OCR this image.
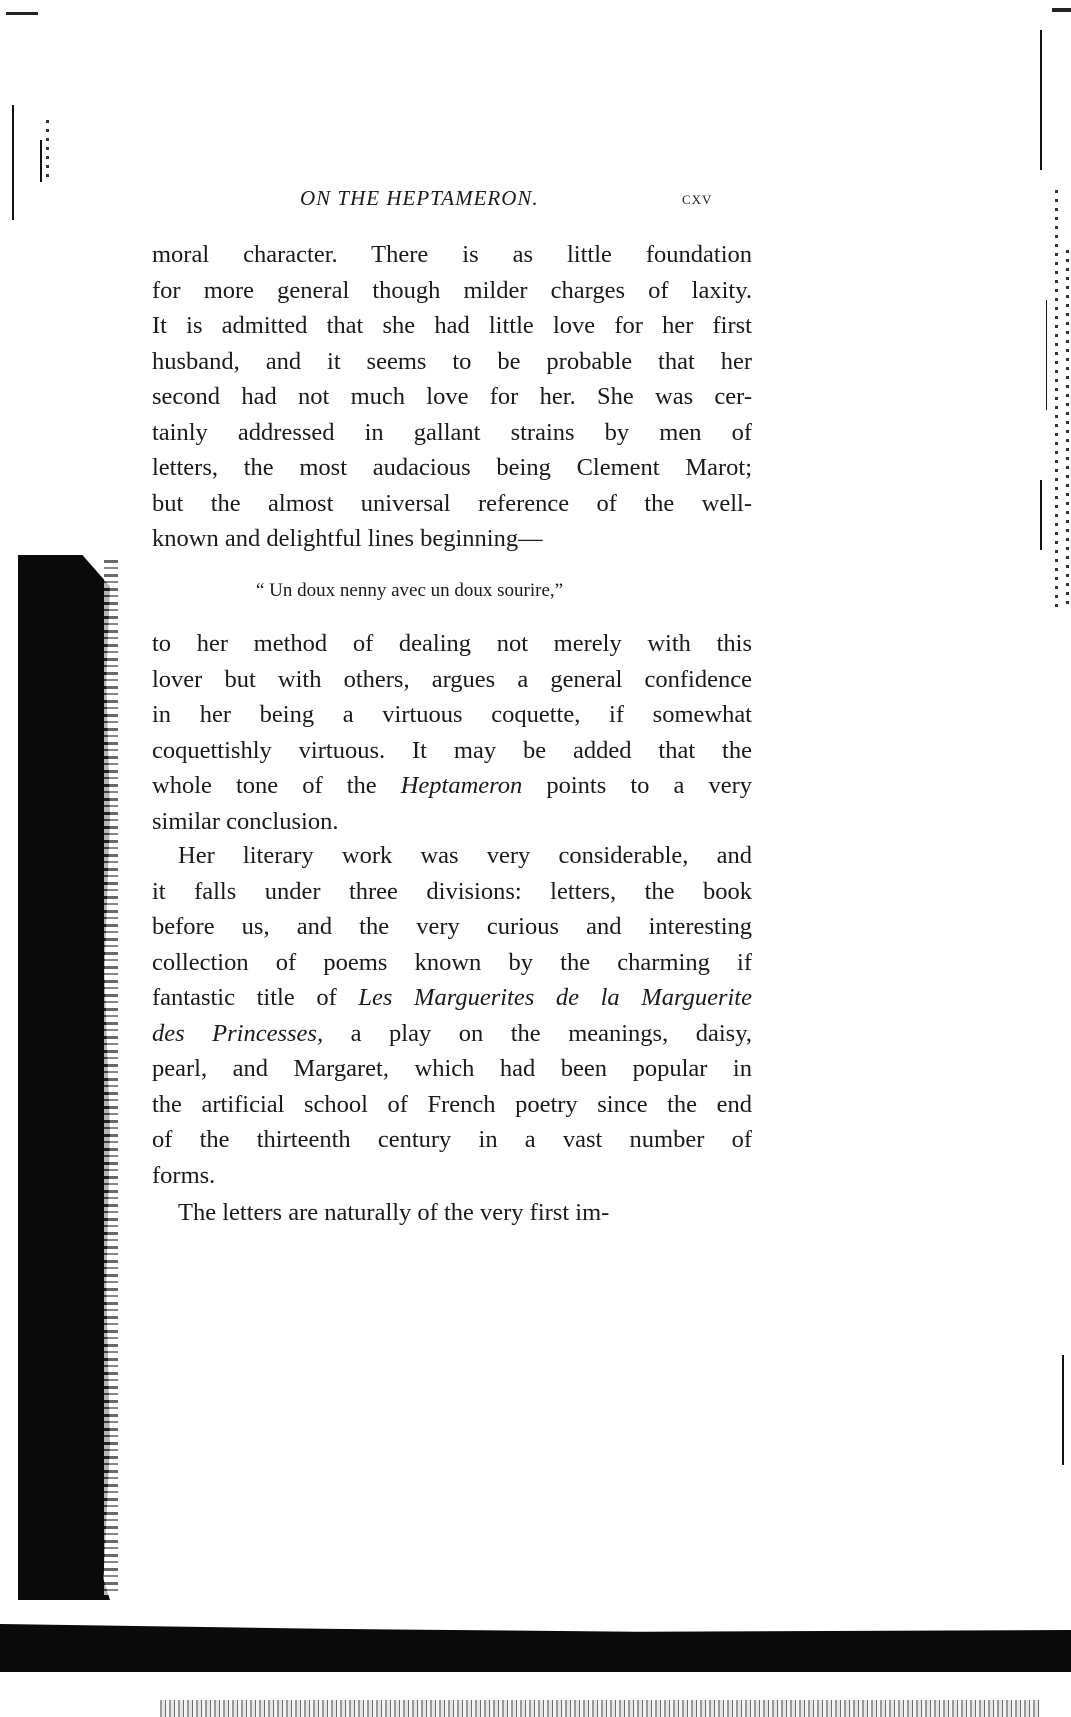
ON THE HEPTAMERON.	cxv
moral character. There is as little foundation
for more general though milder charges of laxity.
It is admitted that she had little love for her first
husband, and it seems to be probable that her
second had not much love for her. She was cer-
tainly addressed in gallant strains by men of
letters, the most audacious being Clement Marot;
but the almost universal reference of the well-
known and delightful lines beginning—
“ Un doux nenny avec un doux sourire,”
to her method of dealing not merely with this
lover but with others, argues a general confidence
in her being a virtuous coquette, if somewhat
coquettishly virtuous. It may be added that the
whole tone of the Heptameron points to a very
similar conclusion.
Her literary work was very considerable, and
it falls under three divisions: letters, the book
before us, and the very curious and interesting
collection of poems known by the charming if
fantastic title of Les Marguerites de la Marguerite
des Princesses, a play on the meanings, daisy,
pearl, and Margaret, which had been popular in
the artificial school of French poetry since the end
of the thirteenth century in a vast number of
forms.
The letters are naturally of the very first im-
